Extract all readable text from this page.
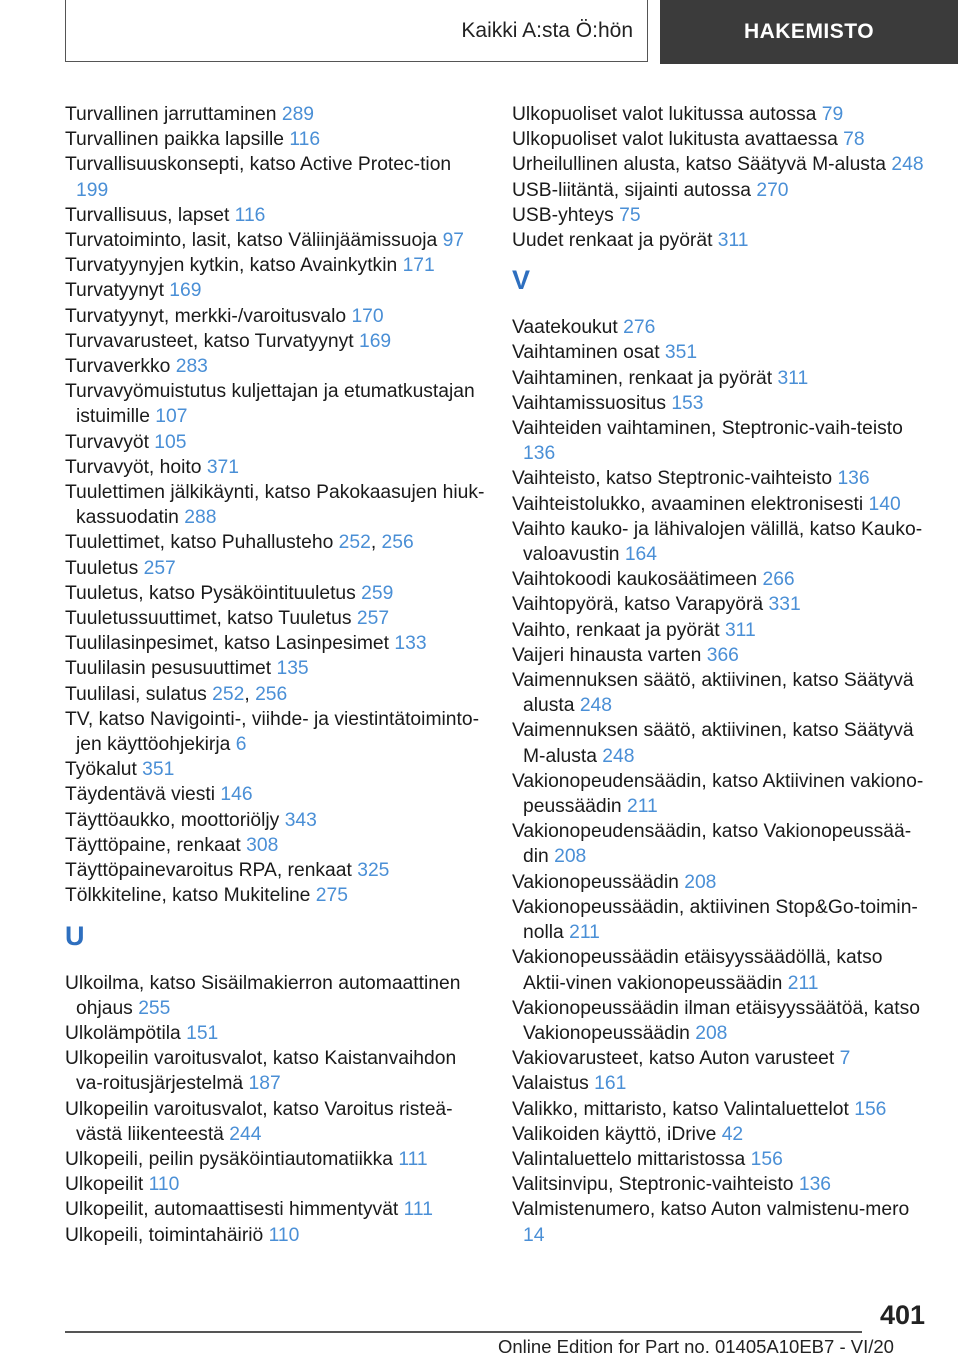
Kaikki A:sta Ö:hön	HAKEMISTO

Turvallinen jarruttaminen 289

Turvallinen paikka lapsille 116

Turvallisuuskonsepti, katso Active Protec-tion 199

Turvallisuus, lapset 116

Turvatoiminto, lasit, katso Väliinjäämissuoja 97

Turvatyynyjen kytkin, katso Avainkytkin 171

Turvatyynyt 169

Turvatyynyt, merkki-/varoitusvalo 170

Turvavarusteet, katso Turvatyynyt 169

Turvaverkko 283

Turvavyömuistutus kuljettajan ja etumatkustajan istuimille 107

Turvavyöt 105

Turvavyöt, hoito 371

Tuulettimen jälkikäynti, katso Pakokaasujen hiuk-kassuodatin 288

Tuulettimet, katso Puhallusteho 252, 256

Tuuletus 257

Tuuletus, katso Pysäköintituuletus 259

Tuuletussuuttimet, katso Tuuletus 257

Tuulilasinpesimet, katso Lasinpesimet 133

Tuulilasin pesusuuttimet 135

Tuulilasi, sulatus 252, 256

TV, katso Navigointi-, viihde- ja viestintätoiminto-jen käyttöohjekirja 6

Työkalut 351

Täydentävä viesti 146

Täyttöaukko, moottoriöljy 343

Täyttöpaine, renkaat 308

Täyttöpainevaroitus RPA, renkaat 325

Tölkkiteline, katso Mukiteline 275

U

Ulkoilma, katso Sisäilmakierron automaattinen ohjaus 255

Ulkolämpötila 151

Ulkopeilin varoitusvalot, katso Kaistanvaihdon va-roitusjärjestelmä 187

Ulkopeilin varoitusvalot, katso Varoitus risteä-västä liikenteestä 244

Ulkopeili, peilin pysäköintiautomatiikka 111

Ulkopeilit 110

Ulkopeilit, automaattisesti himmentyvät 111

Ulkopeili, toimintahäiriö 110

Ulkopuoliset valot lukitussa autossa 79

Ulkopuoliset valot lukitusta avattaessa 78

Urheilullinen alusta, katso Säätyvä M-alusta 248

USB-liitäntä, sijainti autossa 270

USB-yhteys 75

Uudet renkaat ja pyörät 311

V

Vaatekoukut 276

Vaihtaminen osat 351

Vaihtaminen, renkaat ja pyörät 311

Vaihtamissuositus 153

Vaihteiden vaihtaminen, Steptronic-vaih-teisto 136

Vaihteisto, katso Steptronic-vaihteisto 136

Vaihteistolukko, avaaminen elektronisesti 140

Vaihto kauko- ja lähivalojen välillä, katso Kauko-valoavustin 164

Vaihtokoodi kaukosäätimeen 266

Vaihtopyörä, katso Varapyörä 331

Vaihto, renkaat ja pyörät 311

Vaijeri hinausta varten 366

Vaimennuksen säätö, aktiivinen, katso Säätyvä alusta 248

Vaimennuksen säätö, aktiivinen, katso Säätyvä M-alusta 248

Vakionopeudensäädin, katso Aktiivinen vakiono-peussäädin 211

Vakionopeudensäädin, katso Vakionopeussää-din 208

Vakionopeussäädin 208

Vakionopeussäädin, aktiivinen Stop&Go-toimin-nolla 211

Vakionopeussäädin etäisyyssäädöllä, katso Aktii-vinen vakionopeussäädin 211

Vakionopeussäädin ilman etäisyyssäätöä, katso Vakionopeussäädin 208

Vakiovarusteet, katso Auton varusteet 7

Valaistus 161

Valikko, mittaristo, katso Valintaluettelot 156

Valikoiden käyttö, iDrive 42

Valintaluettelo mittaristossa 156

Valitsinvipu, Steptronic-vaihteisto 136

Valmistenumero, katso Auton valmistenu-mero 14

401
Online Edition for Part no. 01405A10EB7 - VI/20
